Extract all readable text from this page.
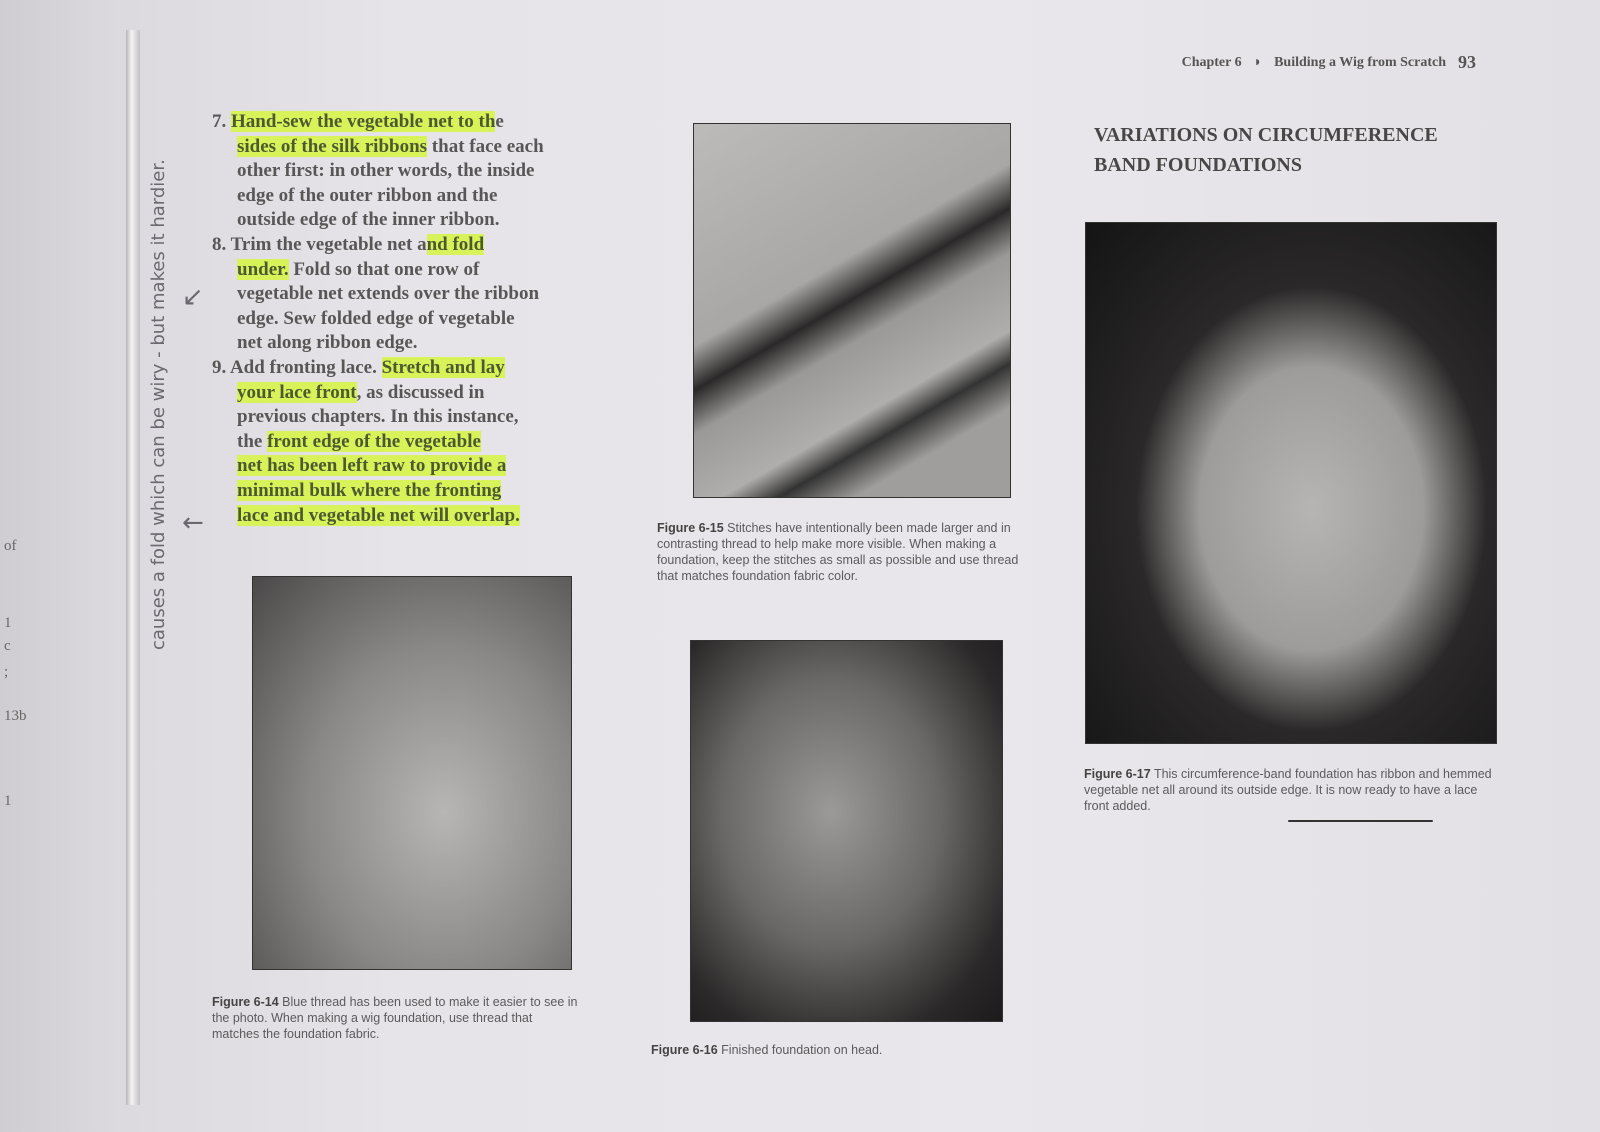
of
1
c
;
13b
1
Chapter 6 ◗ Building a Wig from Scratch 93
7. Hand-sew the vegetable net to the
sides of the silk ribbons that face each
other first: in other words, the inside
edge of the outer ribbon and the
outside edge of the inner ribbon.
8. Trim the vegetable net and fold
under. Fold so that one row of
vegetable net extends over the ribbon
edge. Sew folded edge of vegetable
net along ribbon edge.
9. Add fronting lace. Stretch and lay
your lace front, as discussed in
previous chapters. In this instance,
the front edge of the vegetable
net has been left raw to provide a
minimal bulk where the fronting
lace and vegetable net will overlap.
VARIATIONS ON CIRCUMFERENCE
BAND FOUNDATIONS
Figure 6-14 Blue thread has been used to make it easier to see in the photo. When making a wig foundation, use thread that matches the foundation fabric.
Figure 6-15 Stitches have intentionally been made larger and in contrasting thread to help make more visible. When making a foundation, keep the stitches as small as possible and use thread that matches foundation fabric color.
Figure 6-16 Finished foundation on head.
Figure 6-17 This circumference-band foundation has ribbon and hemmed vegetable net all around its outside edge. It is now ready to have a lace front added.
causes a fold which can be wiry - but makes it hardier.
↙
←
